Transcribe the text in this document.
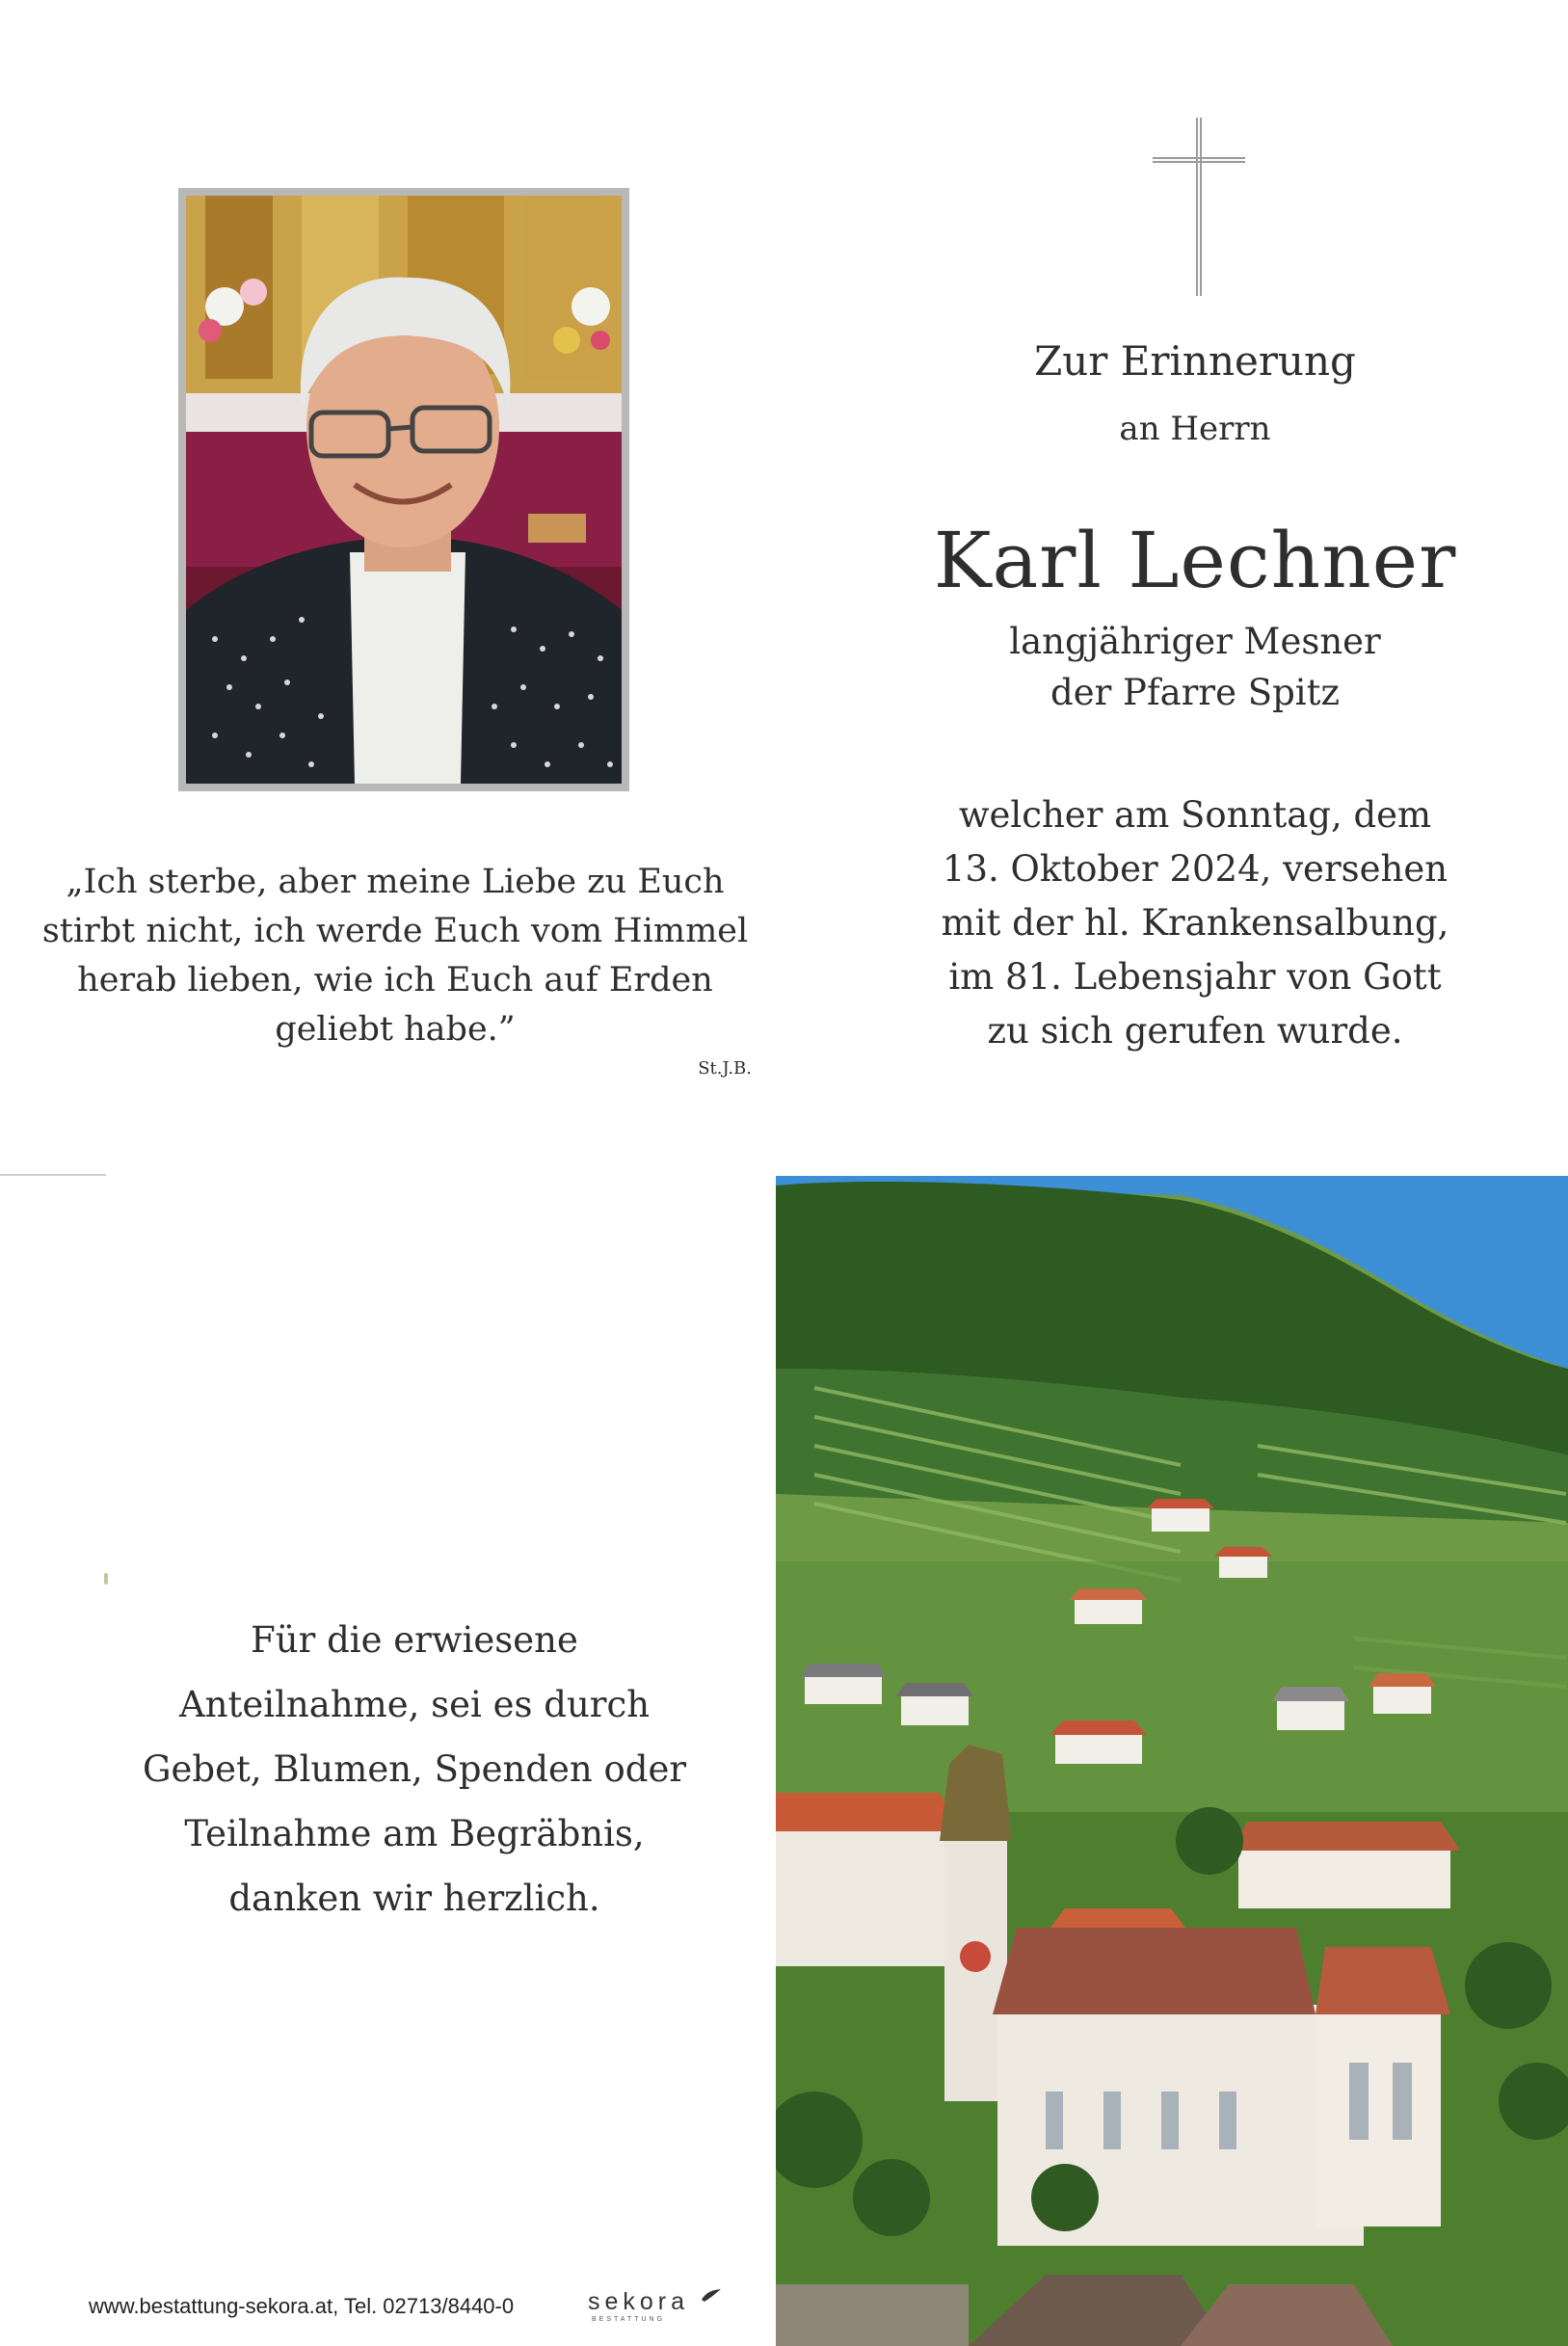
„Ich sterbe, aber meine Liebe zu Euch
stirbt nicht, ich werde Euch vom Himmel
herab lieben, wie ich Euch auf Erden
geliebt habe.”
St.J.B.
Zur Erinnerung
an Herrn
Karl Lechner
langjähriger Mesner
der Pfarre Spitz
welcher am Sonntag, dem
13. Oktober 2024, versehen
mit der hl. Krankensalbung,
im 81. Lebensjahr von Gott
zu sich gerufen wurde.
Für die erwiesene
Anteilnahme, sei es durch
Gebet, Blumen, Spenden oder
Teilnahme am Begräbnis,
danken wir herzlich.
www.bestattung-sekora.at, Tel. 02713/8440-0	sekora
BESTATTUNG
